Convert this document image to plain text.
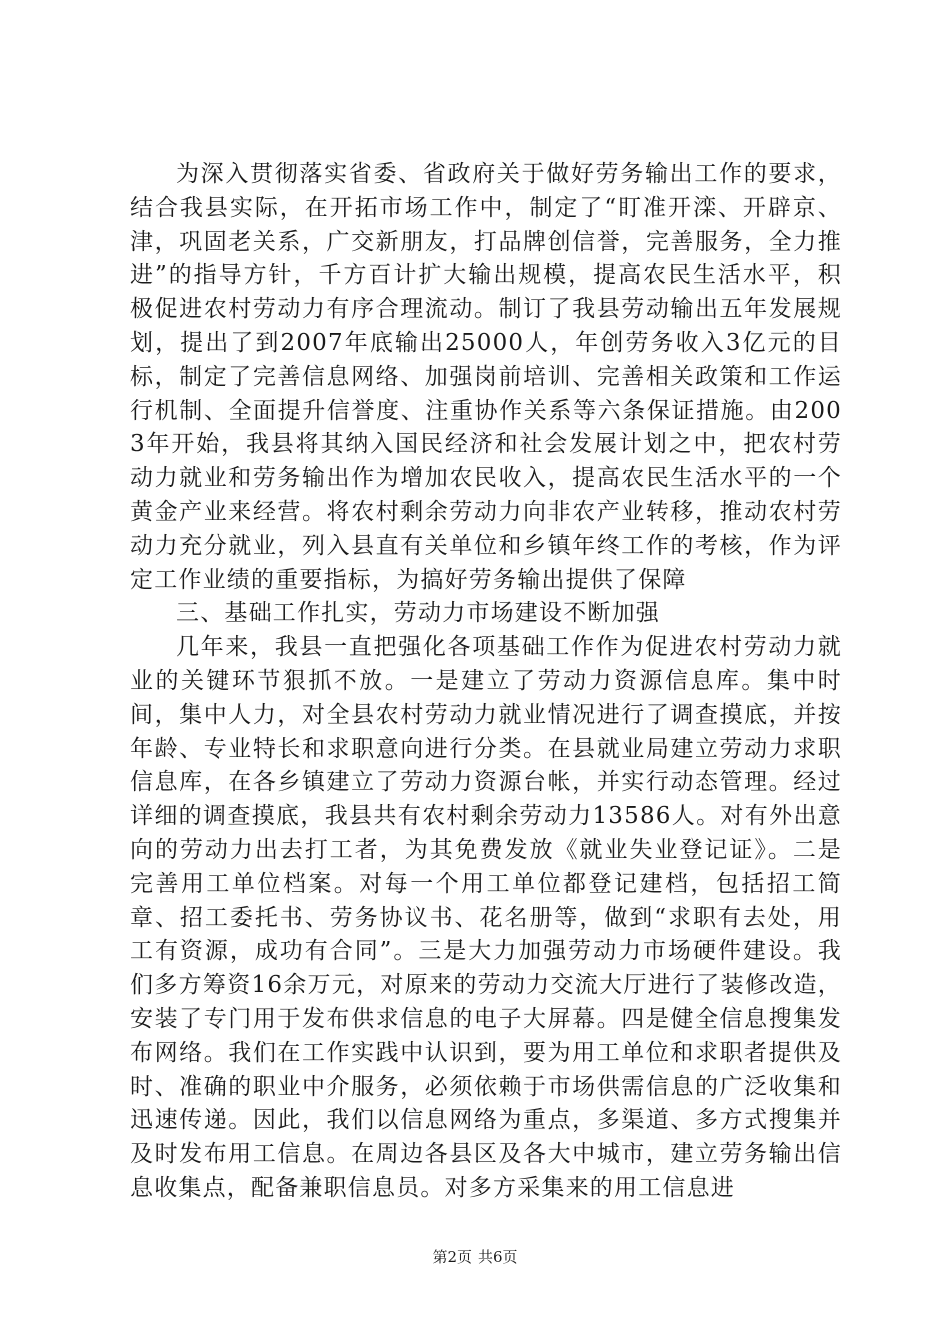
为深入贯彻落实省委、省政府关于做好劳务输出工作的要求，结合我县实际，在开拓市场工作中，制定了“盯准开滦、开辟京、津，巩固老关系，广交新朋友，打品牌创信誉，完善服务，全力推进”的指导方针，千方百计扩大输出规模，提高农民生活水平，积极促进农村劳动力有序合理流动。制订了我县劳动输出五年发展规划，提出了到2007年底输出25000人，年创劳务收入3亿元的目标，制定了完善信息网络、加强岗前培训、完善相关政策和工作运行机制、全面提升信誉度、注重协作关系等六条保证措施。由2003年开始，我县将其纳入国民经济和社会发展计划之中，把农村劳动力就业和劳务输出作为增加农民收入，提高农民生活水平的一个黄金产业来经营。将农村剩余劳动力向非农产业转移，推动农村劳动力充分就业，列入县直有关单位和乡镇年终工作的考核，作为评定工作业绩的重要指标，为搞好劳务输出提供了保障

三、基础工作扎实，劳动力市场建设不断加强

几年来，我县一直把强化各项基础工作作为促进农村劳动力就业的关键环节狠抓不放。一是建立了劳动力资源信息库。集中时间，集中人力，对全县农村劳动力就业情况进行了调查摸底，并按年龄、专业特长和求职意向进行分类。在县就业局建立劳动力求职信息库，在各乡镇建立了劳动力资源台帐，并实行动态管理。经过详细的调查摸底，我县共有农村剩余劳动力13586人。对有外出意向的劳动力出去打工者，为其免费发放《就业失业登记证》。二是完善用工单位档案。对每一个用工单位都登记建档，包括招工简章、招工委托书、劳务协议书、花名册等，做到“求职有去处，用工有资源，成功有合同”。三是大力加强劳动力市场硬件建设。我们多方筹资16余万元，对原来的劳动力交流大厅进行了装修改造，安装了专门用于发布供求信息的电子大屏幕。四是健全信息搜集发布网络。我们在工作实践中认识到，要为用工单位和求职者提供及时、准确的职业中介服务，必须依赖于市场供需信息的广泛收集和迅速传递。因此，我们以信息网络为重点，多渠道、多方式搜集并及时发布用工信息。在周边各县区及各大中城市，建立劳务输出信息收集点，配备兼职信息员。对多方采集来的用工信息进

第2页 共6页
